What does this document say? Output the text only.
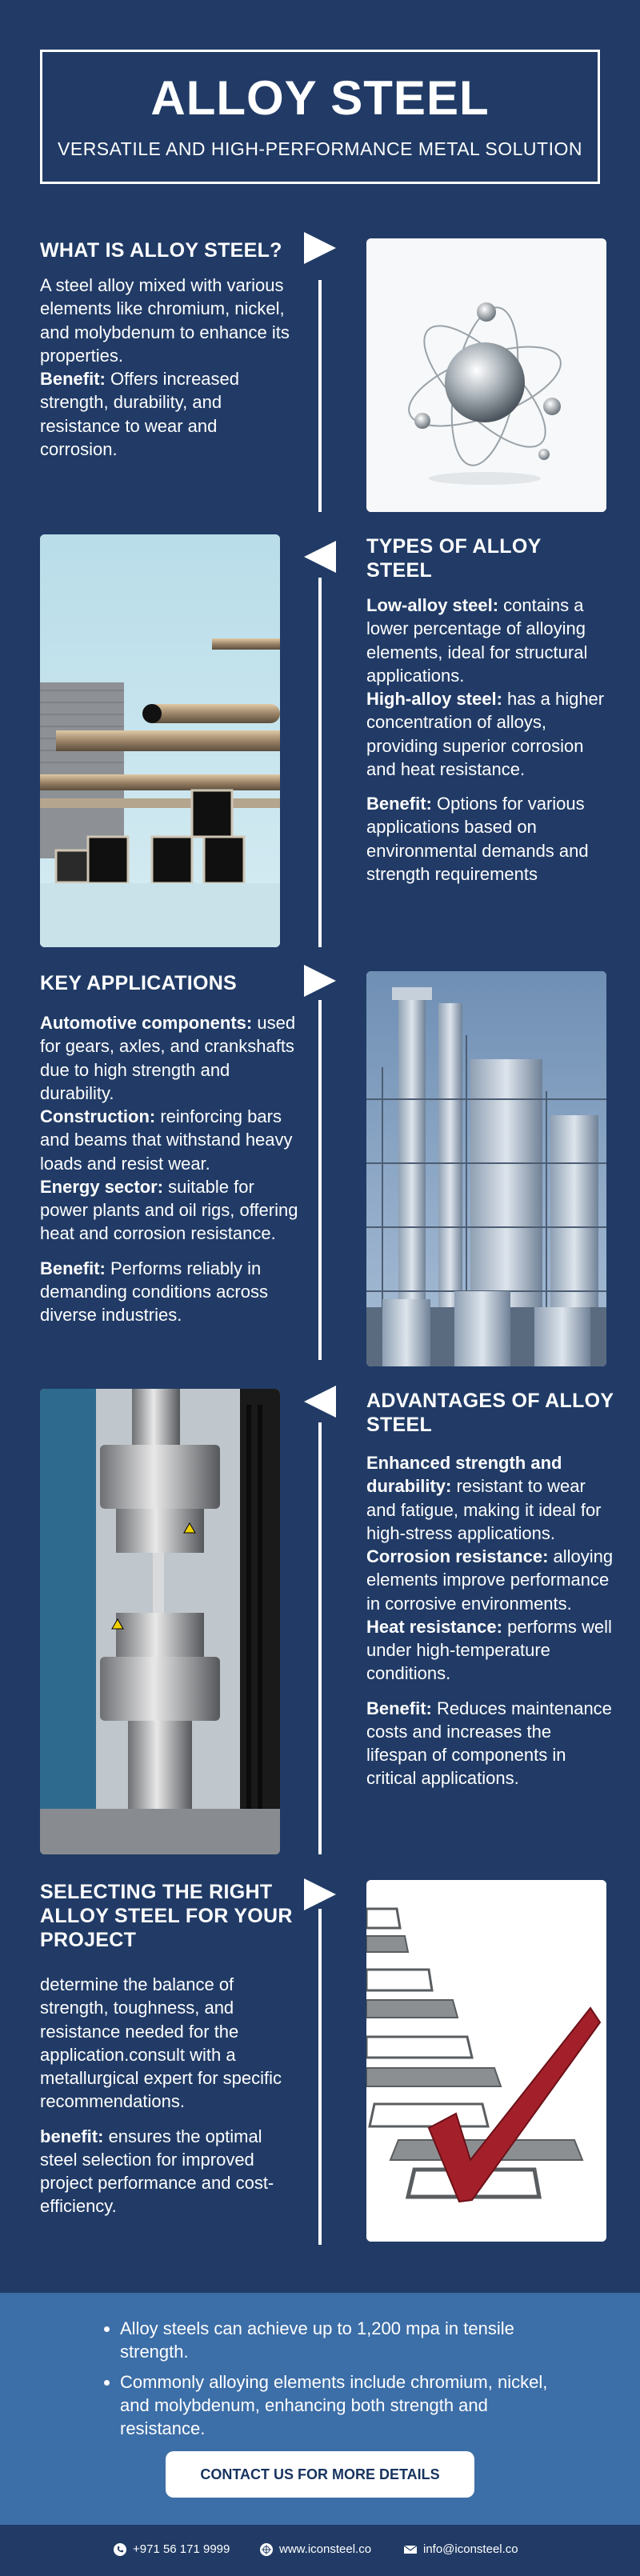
ALLOY STEEL
VERSATILE AND HIGH-PERFORMANCE METAL SOLUTION
WHAT IS ALLOY STEEL?

A steel alloy mixed with various elements like chromium, nickel, and molybdenum to enhance its properties.

Benefit: Offers increased strength, durability, and resistance to wear and corrosion.

TYPES OF ALLOY STEEL

Low-alloy steel: contains a lower percentage of alloying elements, ideal for structural applications.

High-alloy steel: has a higher concentration of alloys, providing superior corrosion and heat resistance.

Benefit: Options for various applications based on environmental demands and strength requirements

KEY APPLICATIONS

Automotive components: used for gears, axles, and crankshafts due to high strength and durability.

Construction: reinforcing bars and beams that withstand heavy loads and resist wear.

Energy sector: suitable for power plants and oil rigs, offering heat and corrosion resistance.

Benefit: Performs reliably in demanding conditions across diverse industries.

ADVANTAGES OF ALLOY STEEL

Enhanced strength and durability: resistant to wear and fatigue, making it ideal for high-stress applications.

Corrosion resistance: alloying elements improve performance in corrosive environments.

Heat resistance: performs well under high-temperature conditions.

Benefit: Reduces maintenance costs and increases the lifespan of components in critical applications.

SELECTING THE RIGHT ALLOY STEEL FOR YOUR PROJECT

determine the balance of strength, toughness, and resistance needed for the application.consult with a metallurgical expert for specific recommendations.

benefit: ensures the optimal steel selection for improved project performance and cost-efficiency.

• Alloy steels can achieve up to 1,200 mpa in tensile strength.
• Commonly alloying elements include chromium, nickel, and molybdenum, enhancing both strength and resistance.
CONTACT US FOR MORE DETAILS
+971 56 171 9999	www.iconsteel.co	info@iconsteel.co
